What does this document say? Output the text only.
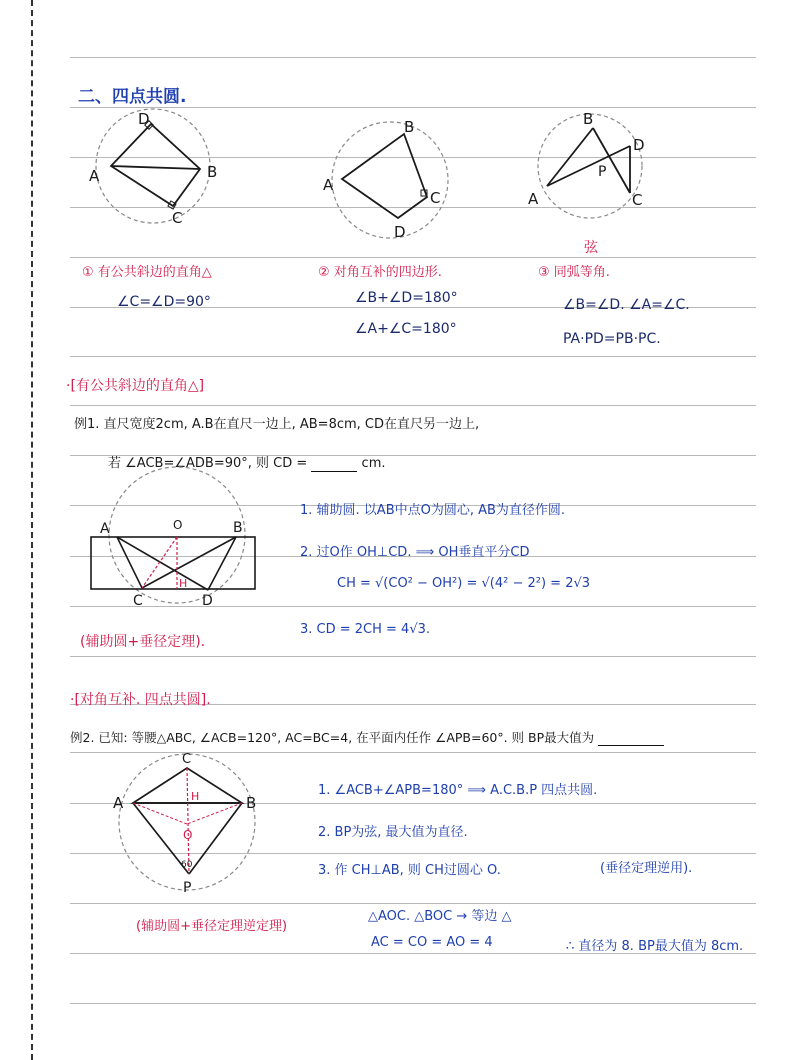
二、四点共圆.
D
A	B
C
B
A
C
D
B
D
A
P
C
① 有公共斜边的直角△
∠C=∠D=90°
② 对角互补的四边形.
∠B+∠D=180°
∠A+∠C=180°
弦
③ 同弧等角.
∠B=∠D. ∠A=∠C.
PA·PD=PB·PC.
·[有公共斜边的直角△]
例1. 直尺宽度2cm, A.B在直尺一边上, AB=8cm, CD在直尺另一边上,
若 ∠ACB=∠ADB=90°, 则 CD =	cm.
A	O	B
C
H
D
1. 辅助圆. 以AB中点O为圆心, AB为直径作圆.
2. 过O作 OH⊥CD. ⟹ OH垂直平分CD
CH = √(CO² − OH²) = √(4² − 2²) = 2√3
3. CD = 2CH = 4√3.
(辅助圆+垂径定理).
·[对角互补. 四点共圆].
例2. 已知: 等腰△ABC, ∠ACB=120°, AC=BC=4, 在平面内任作 ∠APB=60°. 则 BP最大值为
C
A	H	B
O
60
P
1. ∠ACB+∠APB=180° ⟹ A.C.B.P 四点共圆.
2. BP为弦, 最大值为直径.
3. 作 CH⊥AB, 则 CH过圆心 O.	(垂径定理逆用).
△AOC. △BOC → 等边 △
AC = CO = AO = 4	∴ 直径为 8. BP最大值为 8cm.
(辅助圆+垂径定理逆定理)
